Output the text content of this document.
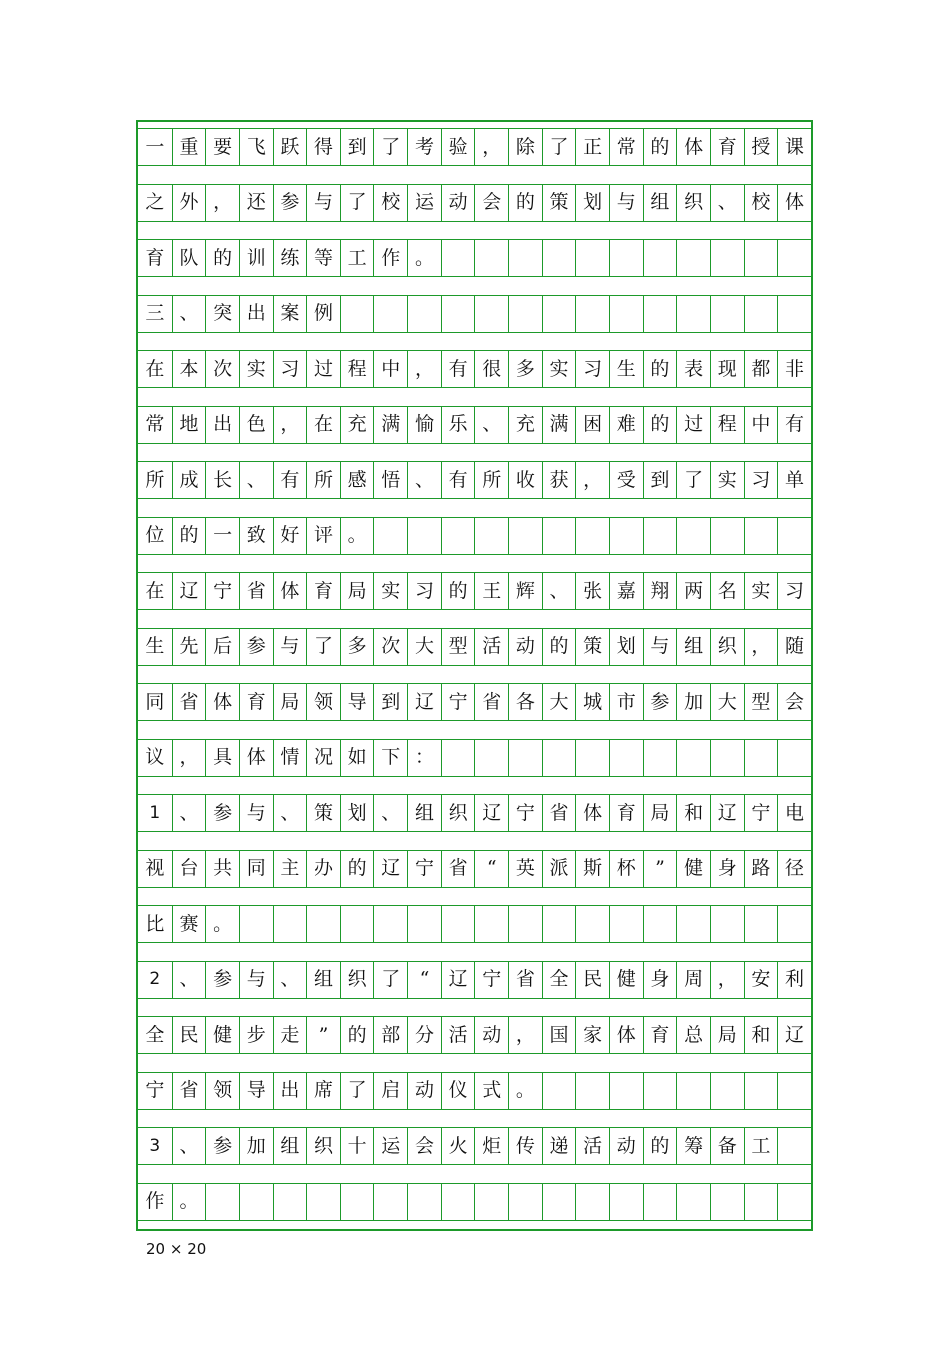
一 重 要 飞 跃 得 到 了 考 验 ， 除 了 正 常 的 体 育 授 课
之 外 ， 还 参 与 了 校 运 动 会 的 策 划 与 组 织 、 校 体
育 队 的 训 练 等 工 作 。
三 、 突 出 案 例
在 本 次 实 习 过 程 中 ， 有 很 多 实 习 生 的 表 现 都 非
常 地 出 色 ， 在 充 满 愉 乐 、 充 满 困 难 的 过 程 中 有
所 成 长 、 有 所 感 悟 、 有 所 收 获 ， 受 到 了 实 习 单
位 的 一 致 好 评 。
在 辽 宁 省 体 育 局 实 习 的 王 辉 、 张 嘉 翔 两 名 实 习
生 先 后 参 与 了 多 次 大 型 活 动 的 策 划 与 组 织 ， 随
同 省 体 育 局 领 导 到 辽 宁 省 各 大 城 市 参 加 大 型 会
议 ， 具 体 情 况 如 下 ：
1	、 参 与 、 策 划 、 组 织 辽 宁 省 体 育 局 和 辽 宁 电
视 台 共 同 主 办 的 辽 宁 省	“	英 派 斯 杯	”	健 身 路 径
比 赛 。
2	、 参 与 、 组 织 了	“	辽 宁 省 全 民 健 身 周 ， 安 利
全 民 健 步 走	”	的 部 分 活 动 ， 国 家 体 育 总 局 和 辽
宁 省 领 导 出 席 了 启 动 仪 式 。
3	、 参 加 组 织 十 运 会 火 炬 传 递 活 动 的 筹 备 工
作 。
20 × 20
